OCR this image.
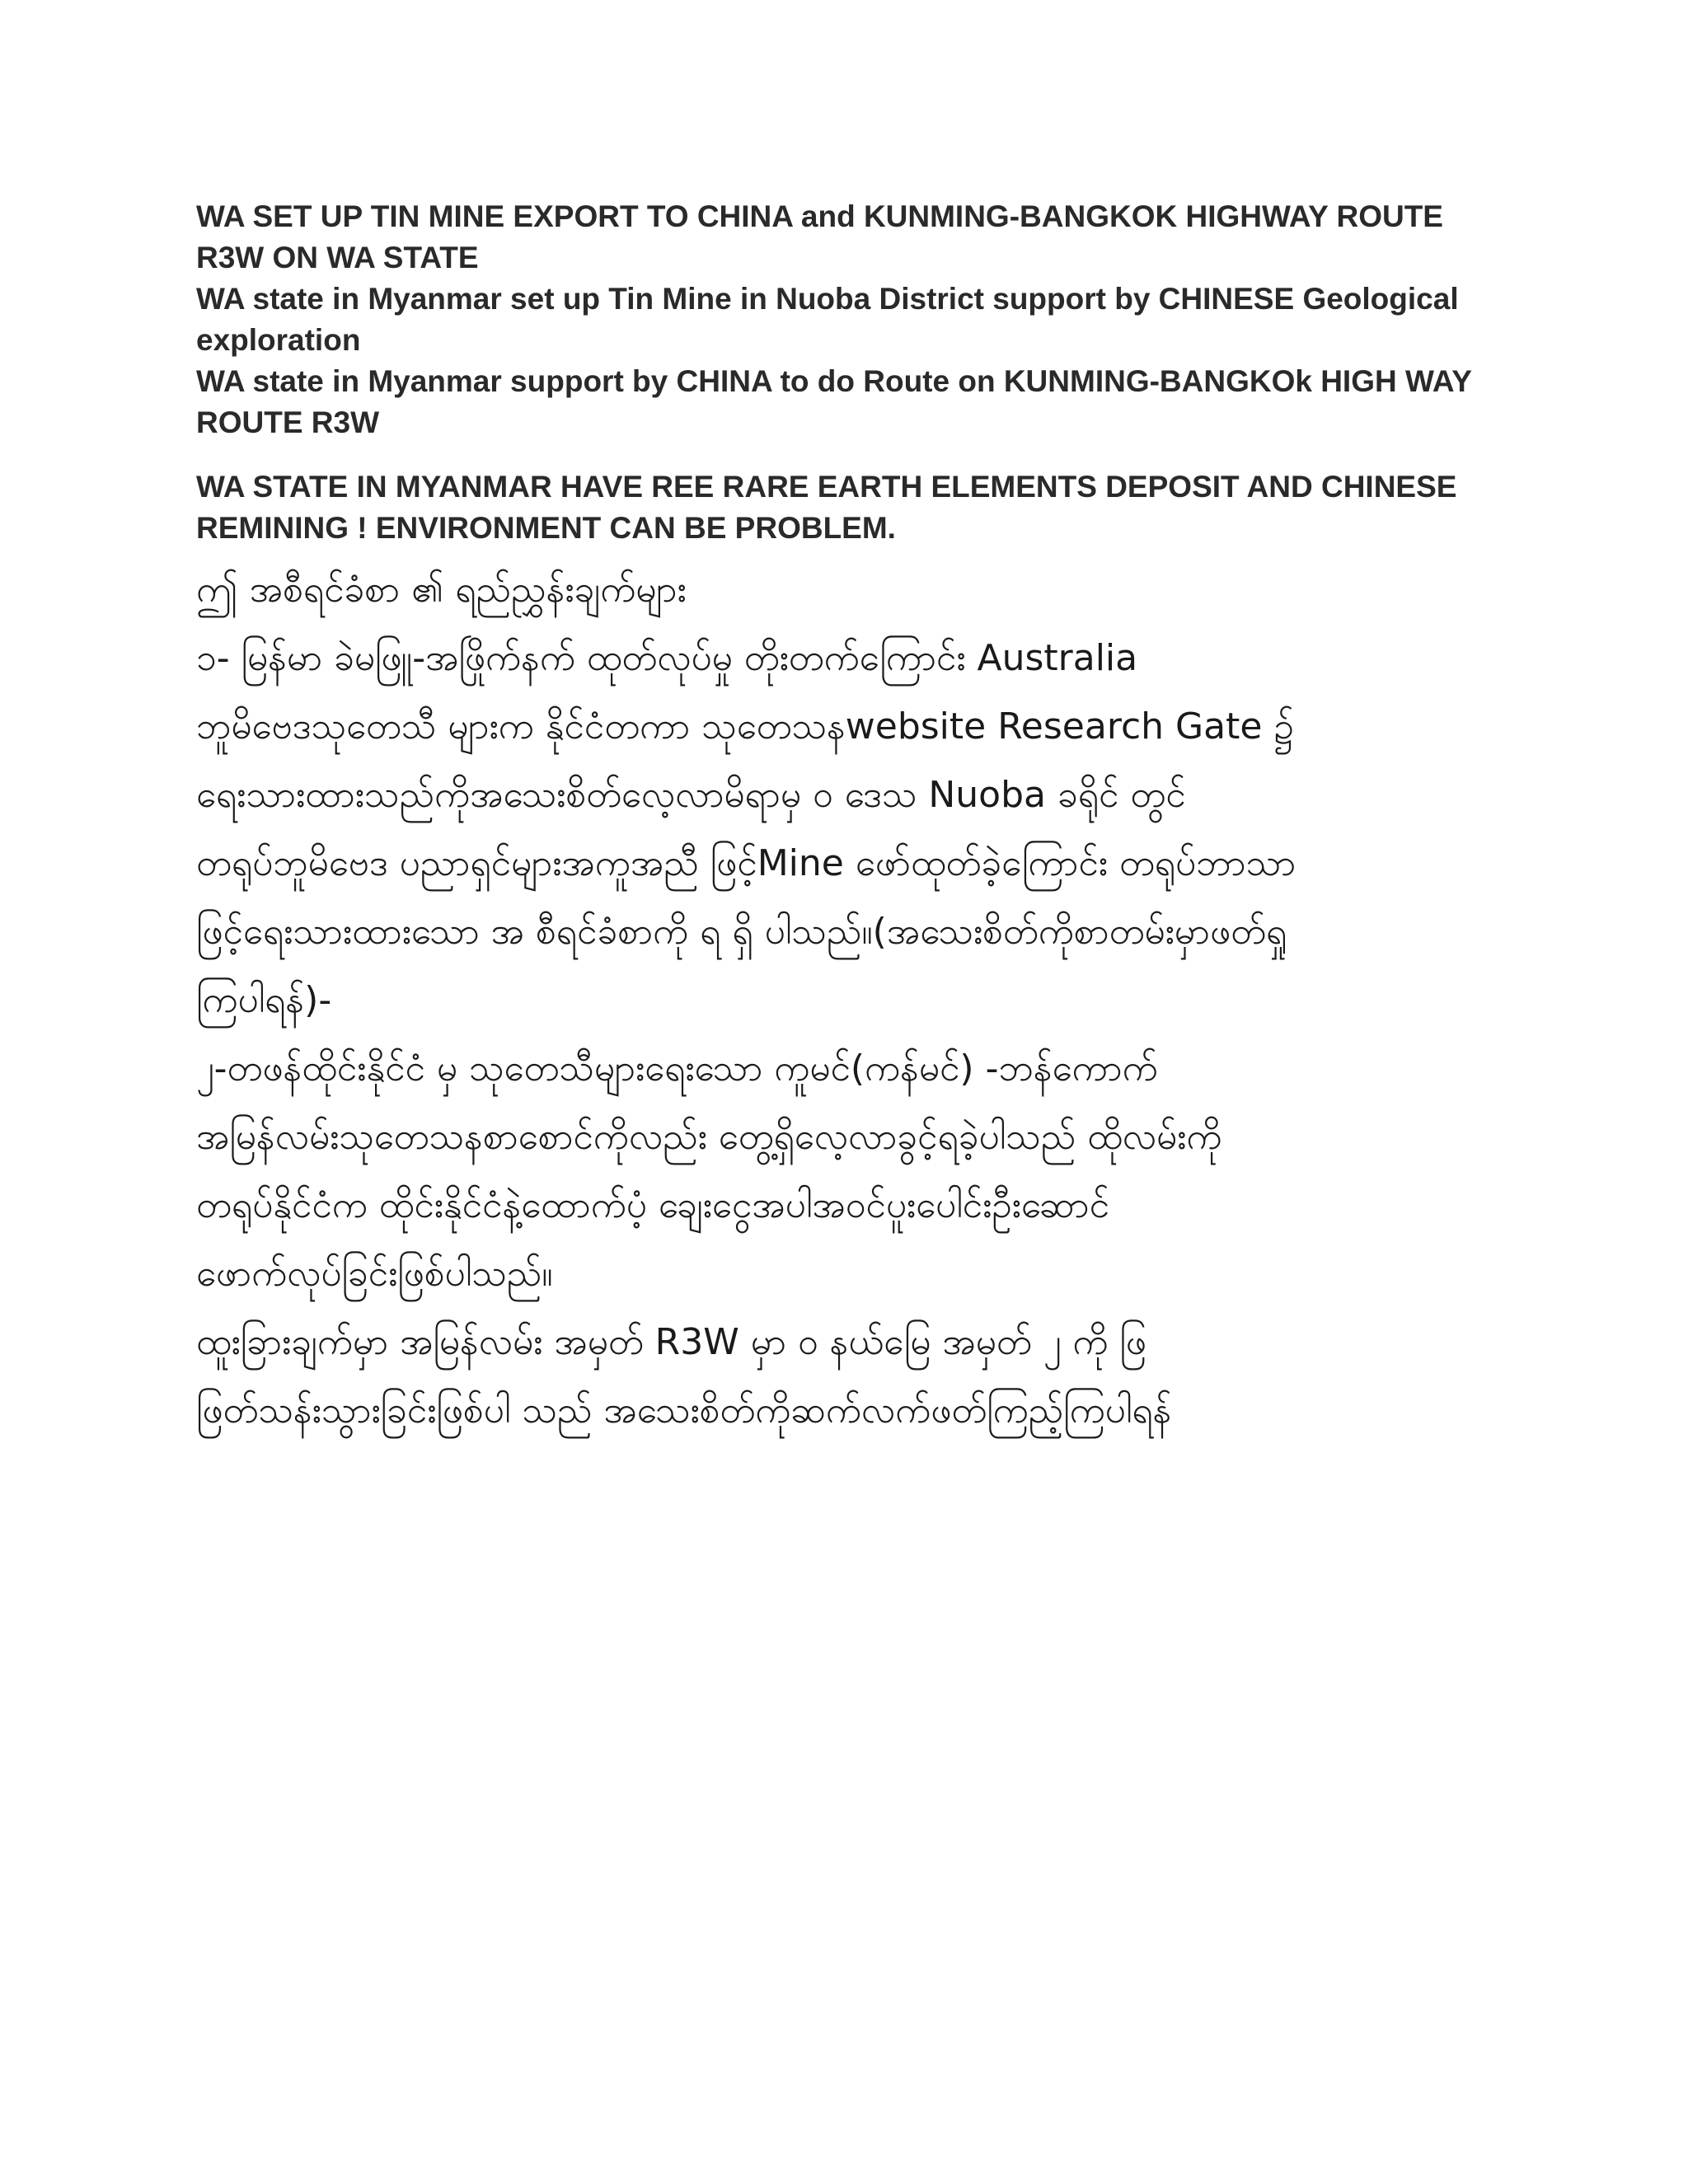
WA SET UP TIN MINE EXPORT TO CHINA and KUNMING-BANGKOK HIGHWAY ROUTE R3W ON WA STATE

WA state in Myanmar set up Tin Mine in Nuoba District support by CHINESE Geological exploration

WA state in Myanmar support by CHINA to do Route on KUNMING-BANGKOk HIGH WAY ROUTE R3W

WA STATE IN MYANMAR HAVE REE RARE EARTH ELEMENTS DEPOSIT AND CHINESE REMINING ! ENVIRONMENT CAN BE PROBLEM.

ဤ အစီရင်ခံစာ ၏ ရည်ညွှန်းချက်များ

၁- မြန်မာ ခဲမဖြူ-အဖြိုက်နက် ထုတ်လုပ်မှု တိုးတက်ကြောင်း Australia

ဘူမိဗေဒသုတေသီ များက နိုင်ငံတကာ သုတေသနwebsite Research Gate ၌

ရေးသားထားသည်ကိုအသေးစိတ်လေ့လာမိရာမှ ဝ ဒေသ Nuoba ခရိုင် တွင်

တရုပ်ဘူမိဗေဒ ပညာရှင်များအကူအညီ ဖြင့်Mine ဖော်ထုတ်ခဲ့ကြောင်း တရုပ်ဘာသာ

ဖြင့်ရေးသားထားသော အ စီရင်ခံစာကို ရ ရှိ ပါသည်။(အသေးစိတ်ကိုစာတမ်းမှာဖတ်ရှု

ကြပါရန်)-

၂-တဖန်ထိုင်းနိုင်ငံ မှ သုတေသီများရေးသော ကူမင်(ကန်မင်) -ဘန်ကောက်

အမြန်လမ်းသုတေသနစာစောင်ကိုလည်း တွေ့ရှိလေ့လာခွင့်ရခဲ့ပါသည် ထိုလမ်းကို

တရုပ်နိုင်ငံက ထိုင်းနိုင်ငံနဲ့ထောက်ပံ့ ချေးငွေအပါအဝင်ပူးပေါင်းဦးဆောင်

ဖောက်လုပ်ခြင်းဖြစ်ပါသည်။

ထူးခြားချက်မှာ အမြန်လမ်း အမှတ် R3W မှာ ဝ နယ်မြေ အမှတ် ၂ ကို ဖြ

ဖြတ်သန်းသွားခြင်းဖြစ်ပါ သည် အသေးစိတ်ကိုဆက်လက်ဖတ်ကြည့်ကြပါရန်
